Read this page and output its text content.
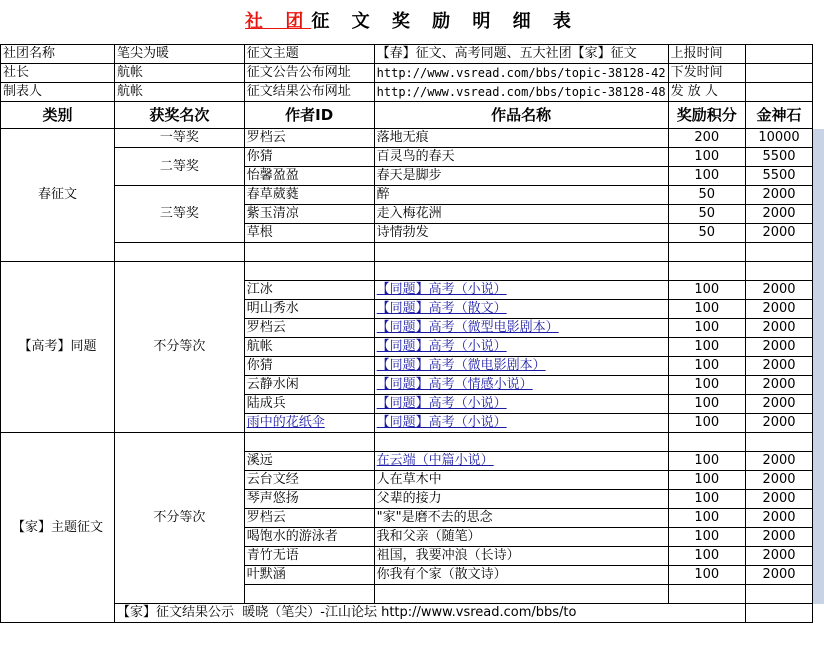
社 团征 文 奖 励 明 细 表
社团名称	笔尖为暖	征文主题	【春】征文、高考同题、五大社团【家】征文	上报时间		
社长	航帐	征文公告公布网址	http://www.vsread.com/bbs/topic-38128-42	下发时间		
制表人	航帐	征文结果公布网址	http://www.vsread.com/bbs/topic-38128-48	发 放 人		
类别	获奖名次	作者ID	作品名称	奖励积分	金神石	
春征文	一等奖	罗档云	落地无痕	200	10000	
	二等奖	你猜	百灵鸟的春天	100	5500	
		怡馨盈盈	春天是脚步	100	5500	
	三等奖	春草葳蕤	醉	50	2000	
		紫玉清凉	走入梅花洲	50	2000	
		草根	诗情勃发	50	2000	

【高考】同题	不分等次					
		江冰	【同题】高考（小说）	100	2000	
		明山秀水	【同题】高考（散文）	100	2000	
		罗档云	【同题】高考（微型电影剧本）	100	2000	
		航帐	【同题】高考（小说）	100	2000	
		你猜	【同题】高考（微电影剧本）	100	2000	
		云静水闲	【同题】高考（情感小说）	100	2000	
		陆成兵	【同题】高考（小说）	100	2000	
		雨中的花纸伞	【同题】高考（小说）	100	2000	
【家】主题征文	不分等次					
		溪远	在云端（中篇小说）	100	2000	
		云台文经	人在草木中	100	2000	
		琴声悠扬	父辈的接力	100	2000	
		罗档云	"家"是磨不去的思念	100	2000	
		喝饱水的游泳者	我和父亲（随笔）	100	2000	
		青竹无语	祖国，我要冲浪（长诗）	100	2000	
		叶默涵	你我有个家（散文诗）	100	2000	

	【家】征文结果公示 暖晓（笔尖）-江山论坛 http://www.vsread.com/bbs/to					
